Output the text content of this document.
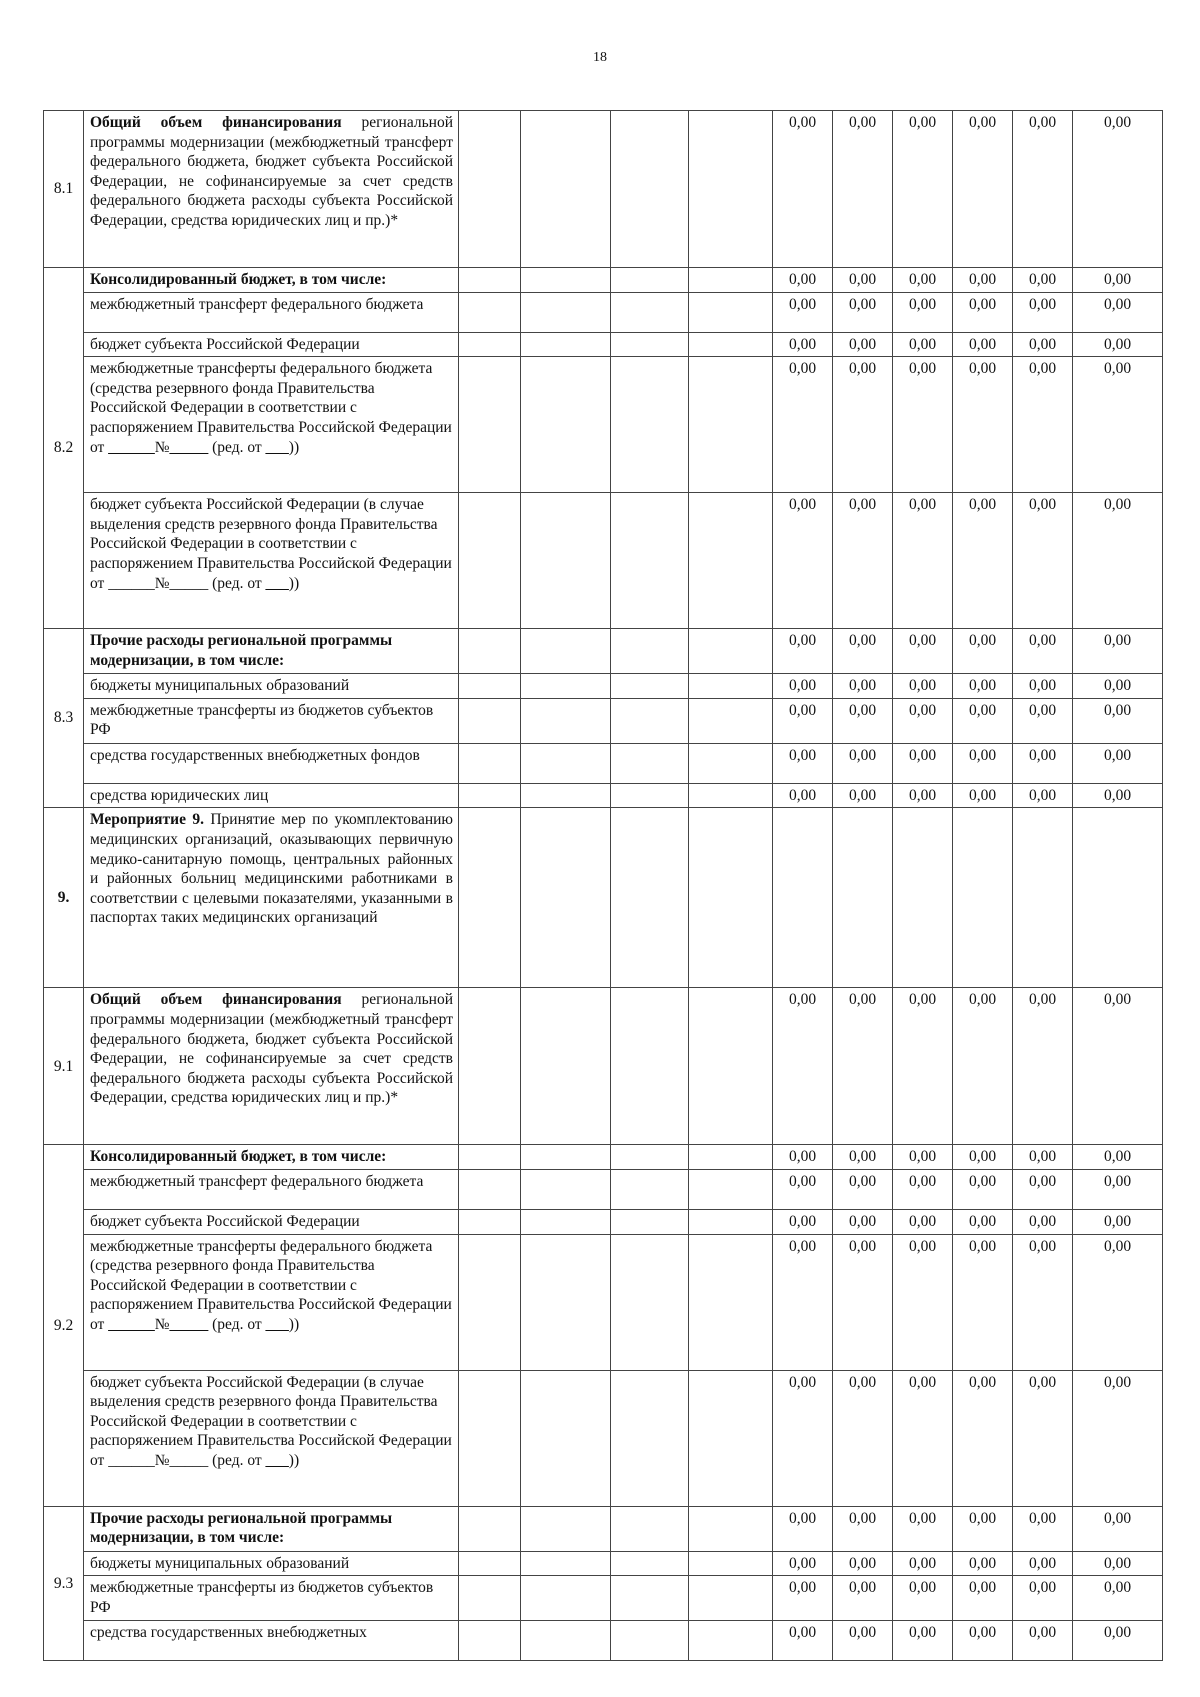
18
8.1	Общий объем финансирования региональной программы модернизации (межбюджетный трансферт федерального бюджета, бюджет субъекта Российской Федерации, не софинансируемые за счет средств федерального бюджета расходы субъекта Российской Федерации, средства юридических лиц и пр.)*					0,00	0,00	0,00	0,00	0,00	0,00
8.2	Консолидированный бюджет, в том числе:					0,00	0,00	0,00	0,00	0,00	0,00
	межбюджетный трансферт федерального бюджета					0,00	0,00	0,00	0,00	0,00	0,00
	бюджет субъекта Российской Федерации					0,00	0,00	0,00	0,00	0,00	0,00
	межбюджетные трансферты федерального бюджета (средства резервного фонда Правительства Российской Федерации в соответствии с распоряжением Правительства Российской Федерации от ______№_____ (ред. от ___))					0,00	0,00	0,00	0,00	0,00	0,00
	бюджет субъекта Российской Федерации (в случае выделения средств резервного фонда Правительства Российской Федерации в соответствии с распоряжением Правительства Российской Федерации от ______№_____ (ред. от ___))					0,00	0,00	0,00	0,00	0,00	0,00
8.3	Прочие расходы региональной программы модернизации, в том числе:					0,00	0,00	0,00	0,00	0,00	0,00
	бюджеты муниципальных образований					0,00	0,00	0,00	0,00	0,00	0,00
	межбюджетные трансферты из бюджетов субъектов РФ					0,00	0,00	0,00	0,00	0,00	0,00
	средства государственных внебюджетных фондов					0,00	0,00	0,00	0,00	0,00	0,00
	средства юридических лиц					0,00	0,00	0,00	0,00	0,00	0,00
9.	Мероприятие 9. Принятие мер по укомплектованию медицинских организаций, оказывающих первичную медико-санитарную помощь, центральных районных и районных больниц медицинскими работниками в соответствии с целевыми показателями, указанными в паспортах таких медицинских организаций										
9.1	Общий объем финансирования региональной программы модернизации (межбюджетный трансферт федерального бюджета, бюджет субъекта Российской Федерации, не софинансируемые за счет средств федерального бюджета расходы субъекта Российской Федерации, средства юридических лиц и пр.)*					0,00	0,00	0,00	0,00	0,00	0,00
9.2	Консолидированный бюджет, в том числе:					0,00	0,00	0,00	0,00	0,00	0,00
	межбюджетный трансферт федерального бюджета					0,00	0,00	0,00	0,00	0,00	0,00
	бюджет субъекта Российской Федерации					0,00	0,00	0,00	0,00	0,00	0,00
	межбюджетные трансферты федерального бюджета (средства резервного фонда Правительства Российской Федерации в соответствии с распоряжением Правительства Российской Федерации от ______№_____ (ред. от ___))					0,00	0,00	0,00	0,00	0,00	0,00
	бюджет субъекта Российской Федерации (в случае выделения средств резервного фонда Правительства Российской Федерации в соответствии с распоряжением Правительства Российской Федерации от ______№_____ (ред. от ___))					0,00	0,00	0,00	0,00	0,00	0,00
9.3	Прочие расходы региональной программы модернизации, в том числе:					0,00	0,00	0,00	0,00	0,00	0,00
	бюджеты муниципальных образований					0,00	0,00	0,00	0,00	0,00	0,00
	межбюджетные трансферты из бюджетов субъектов РФ					0,00	0,00	0,00	0,00	0,00	0,00
	средства государственных внебюджетных					0,00	0,00	0,00	0,00	0,00	0,00
